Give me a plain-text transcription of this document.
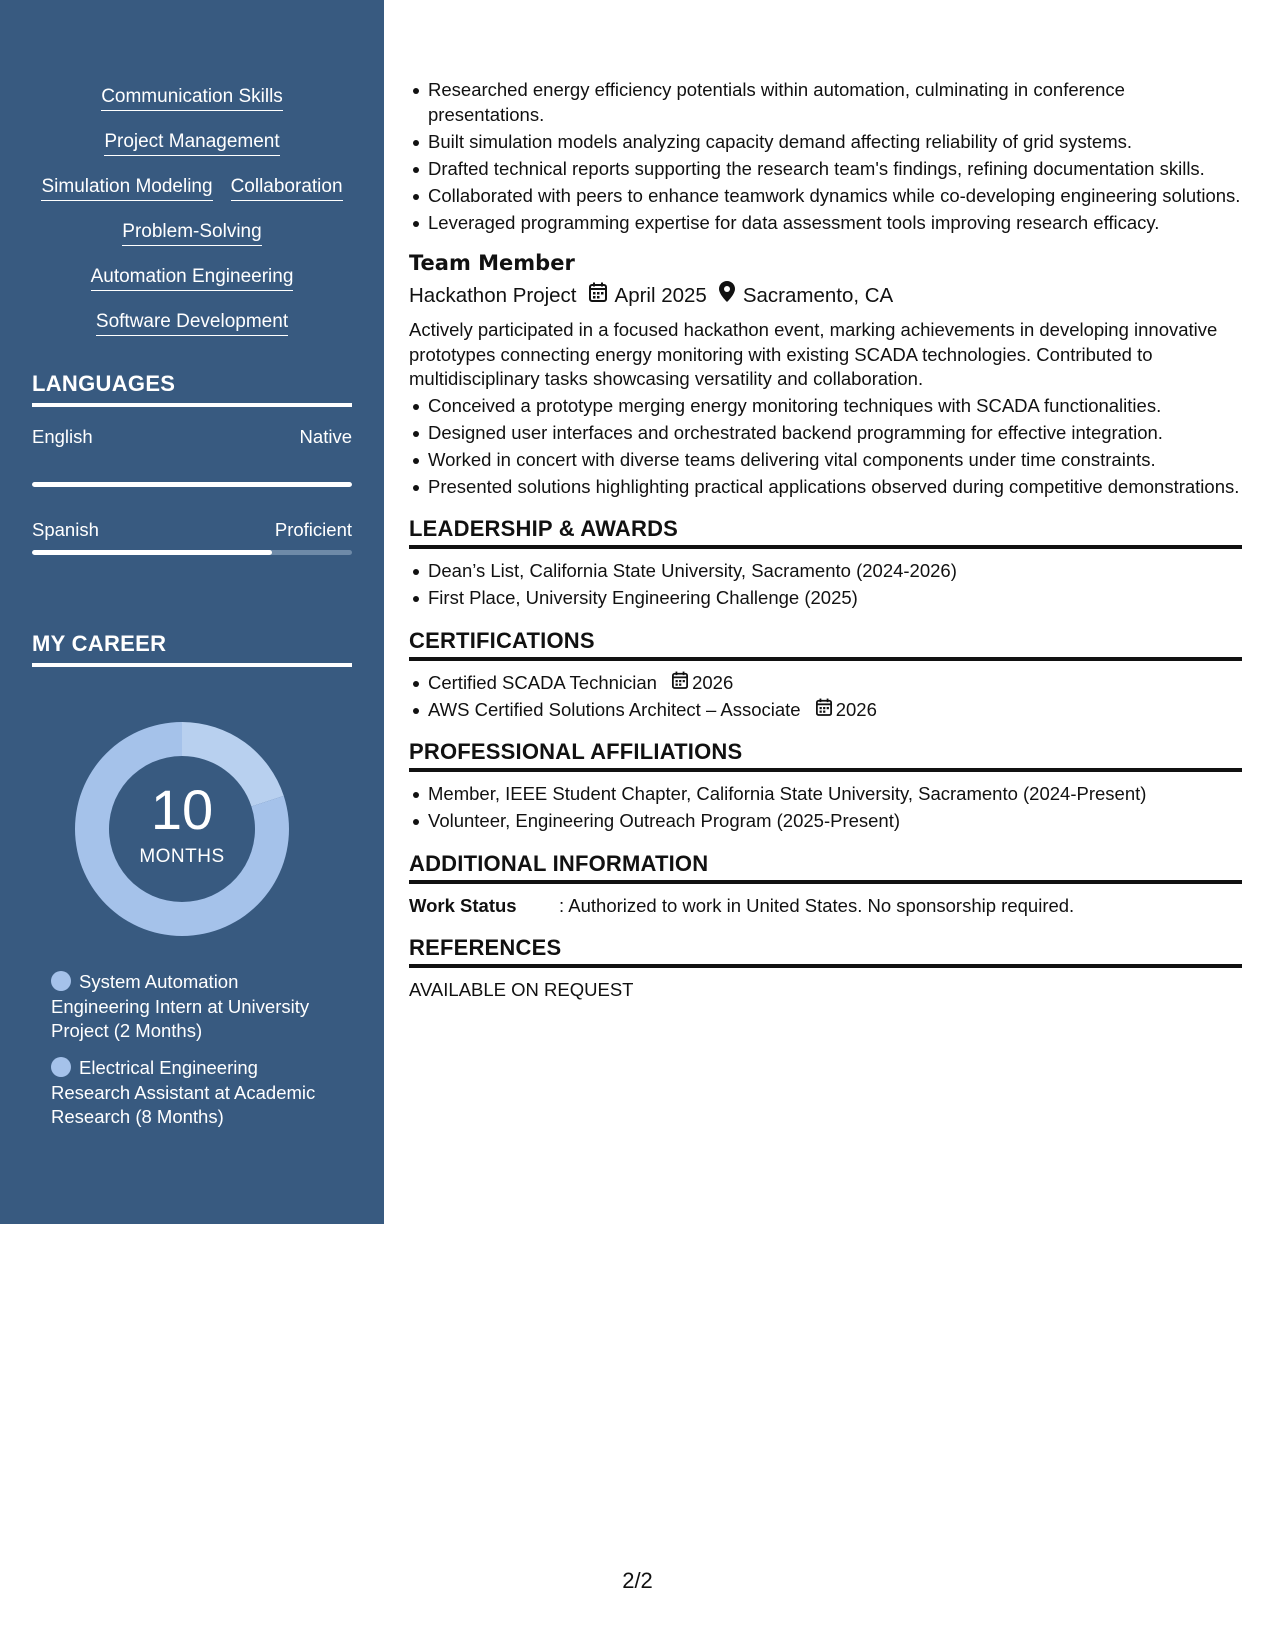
Communication Skills
Project Management
Simulation Modeling Collaboration
Problem-Solving
Automation Engineering
Software Development
LANGUAGES
English	Native
Spanish	Proficient
MY CAREER
10
MONTHS
System Automation Engineering Intern at University Project (2 Months)
Electrical Engineering Research Assistant at Academic Research (8 Months)
Researched energy efficiency potentials within automation, culminating in conference presentations.
Built simulation models analyzing capacity demand affecting reliability of grid systems.
Drafted technical reports supporting the research team's findings, refining documentation skills.
Collaborated with peers to enhance teamwork dynamics while co-developing engineering solutions.
Leveraged programming expertise for data assessment tools improving research efficacy.
Team Member
Hackathon Project April 2025 Sacramento, CA
Actively participated in a focused hackathon event, marking achievements in developing innovative prototypes connecting energy monitoring with existing SCADA technologies. Contributed to multidisciplinary tasks showcasing versatility and collaboration.
Conceived a prototype merging energy monitoring techniques with SCADA functionalities.
Designed user interfaces and orchestrated backend programming for effective integration.
Worked in concert with diverse teams delivering vital components under time constraints.
Presented solutions highlighting practical applications observed during competitive demonstrations.
LEADERSHIP & AWARDS
Dean’s List, California State University, Sacramento (2024-2026)
First Place, University Engineering Challenge (2025)
CERTIFICATIONS
Certified SCADA Technician 2026
AWS Certified Solutions Architect – Associate 2026
PROFESSIONAL AFFILIATIONS
Member, IEEE Student Chapter, California State University, Sacramento (2024-Present)
Volunteer, Engineering Outreach Program (2025-Present)
ADDITIONAL INFORMATION
Work Status	: Authorized to work in United States. No sponsorship required.
REFERENCES
AVAILABLE ON REQUEST
2/2
